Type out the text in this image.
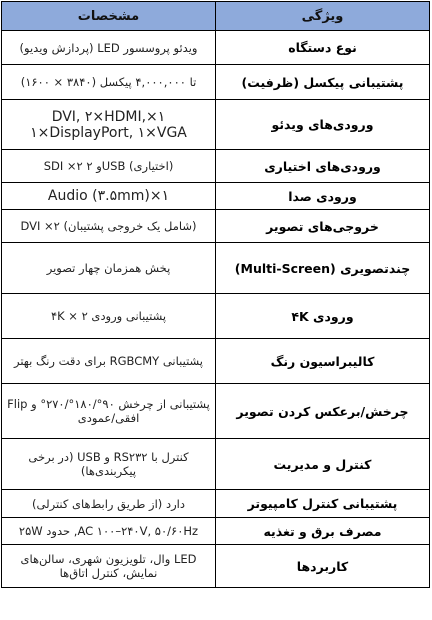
ویژگی	مشخصات
نوع دستگاه	ویدئو پروسسور LED (پردازش ویدیو)
پشتیبانی پیکسل (ظرفیت)	تا ۴,۰۰۰,۰۰۰ پیکسل (۳۸۴۰ × ۱۶۰۰)
ورودی‌های ویدئو	۱×DVI, ۲×HDMI, ۱×DisplayPort, ۱×VGA
ورودی‌های اختیاری	(اختیاری) USBو ۲ SDI ×۲
ورودی صدا	۱×Audio (۳.۵mm)
خروجی‌های تصویر	(شامل یک خروجی پشتیبان) DVI ×۲
چندتصویری (Multi-Screen)	پخش همزمان چهار تصویر
ورودی ۴K	پشتیبانی ورودی ۴K × ۲
کالیبراسیون رنگ	پشتیبانی RGBCMY برای دقت رنگ بهتر
چرخش/برعکس کردن تصویر	پشتیبانی از چرخش ۹۰°/۱۸۰°/۲۷۰° و Flip افقی/عمودی
کنترل و مدیریت	کنترل با RS۲۳۲ و USB (در برخی پیکربندی‌ها)
پشتیبانی کنترل کامپیوتر	دارد (از طریق رابط‌های کنترلی)
مصرف برق و تغذیه	AC ۱۰۰–۲۴۰V, ۵۰/۶۰Hz, حدود ۲۵W
کاربردها	LED وال، تلویزیون شهری، سالن‌های نمایش، کنترل اتاق‌ها
